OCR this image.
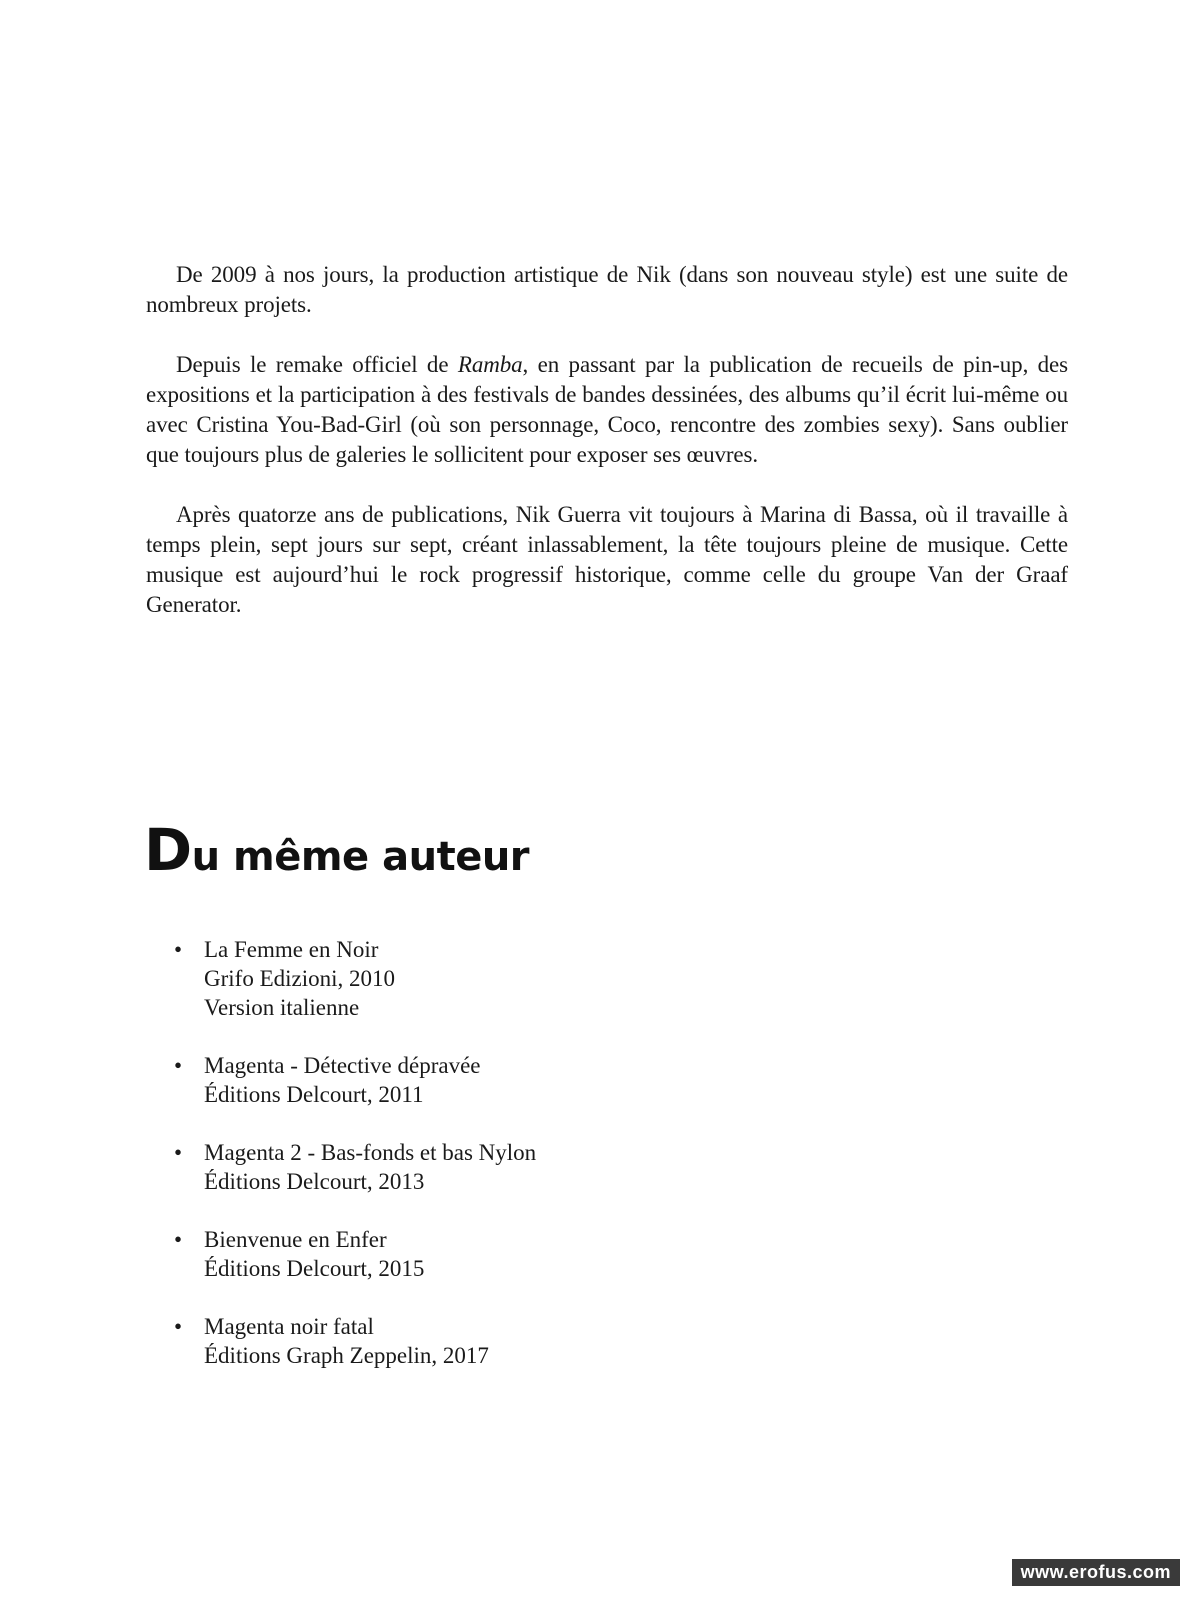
De 2009 à nos jours, la production artistique de Nik (dans son nouveau style) est une suite de nombreux projets.

Depuis le remake officiel de Ramba, en passant par la publication de recueils de pin-up, des expositions et la participation à des festivals de bandes dessinées, des albums qu’il écrit lui-même ou avec Cristina You-Bad-Girl (où son personnage, Coco, rencontre des zombies sexy). Sans oublier que toujours plus de galeries le sollicitent pour exposer ses œuvres.

Après quatorze ans de publications, Nik Guerra vit toujours à Marina di Bassa, où il travaille à temps plein, sept jours sur sept, créant inlassablement, la tête toujours pleine de musique. Cette musique est aujourd’hui le rock progressif historique, comme celle du groupe Van der Graaf Generator.

Du même auteur
• La Femme en Noir
Grifo Edizioni, 2010
Version italienne
• Magenta - Détective dépravée
Éditions Delcourt, 2011
• Magenta 2 - Bas-fonds et bas Nylon
Éditions Delcourt, 2013
• Bienvenue en Enfer
Éditions Delcourt, 2015
• Magenta noir fatal
Éditions Graph Zeppelin, 2017
www.erofus.com
